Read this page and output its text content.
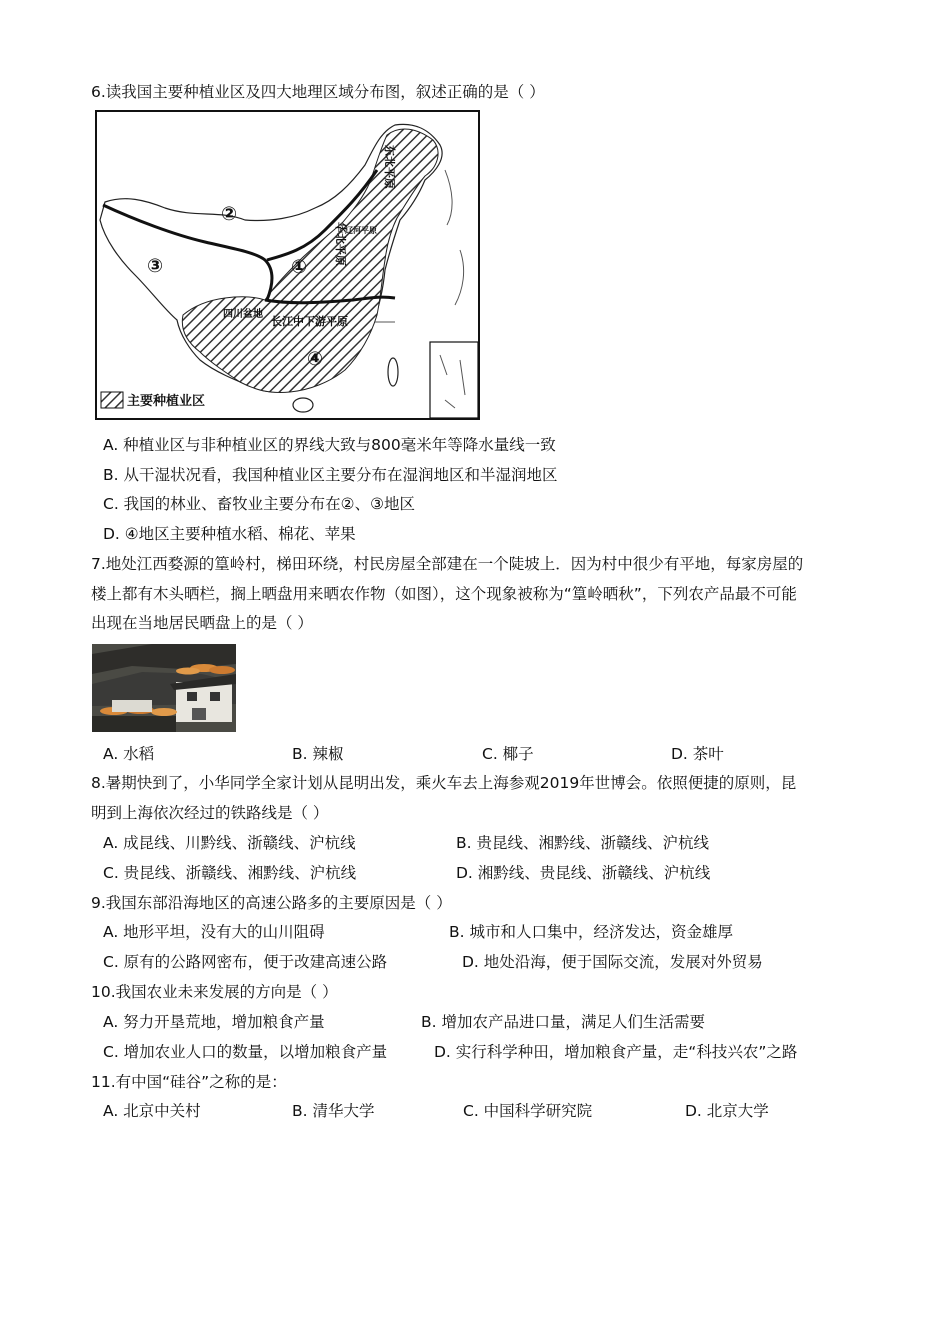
6.读我国主要种植业区及四大地理区域分布图，叙述正确的是（ ）
②
③	①
④
东北平原
华北平原
辽河平原
四川盆地
长江中下游平原
主要种植业区
A. 种植业区与非种植业区的界线大致与800毫米年等降水量线一致
B. 从干湿状况看，我国种植业区主要分布在湿润地区和半湿润地区
C. 我国的林业、畜牧业主要分布在②、③地区
D. ④地区主要种植水稻、棉花、苹果
7.地处江西婺源的篁岭村，梯田环绕，村民房屋全部建在一个陡坡上．因为村中很少有平地，每家房屋的
楼上都有木头晒栏，搁上晒盘用来晒农作物（如图），这个现象被称为“篁岭晒秋”，下列农产品最不可能
出现在当地居民晒盘上的是（ ）
A. 水稻	B. 辣椒	C. 椰子	D. 茶叶
8.暑期快到了，小华同学全家计划从昆明出发，乘火车去上海参观2019年世博会。依照便捷的原则，昆
明到上海依次经过的铁路线是（ ）
A. 成昆线、川黔线、浙赣线、沪杭线	B. 贵昆线、湘黔线、浙赣线、沪杭线
C. 贵昆线、浙赣线、湘黔线、沪杭线	D. 湘黔线、贵昆线、浙赣线、沪杭线
9.我国东部沿海地区的高速公路多的主要原因是（ ）
A. 地形平坦，没有大的山川阻碍	B. 城市和人口集中，经济发达，资金雄厚
C. 原有的公路网密布，便于改建高速公路	D. 地处沿海，便于国际交流，发展对外贸易
10.我国农业未来发展的方向是（ ）
A. 努力开垦荒地，增加粮食产量	B. 增加农产品进口量，满足人们生活需要
C. 增加农业人口的数量，以增加粮食产量	D. 实行科学种田，增加粮食产量，走“科技兴农”之路
11.有中国“硅谷”之称的是：
A. 北京中关村	B. 清华大学	C. 中国科学研究院	D. 北京大学
